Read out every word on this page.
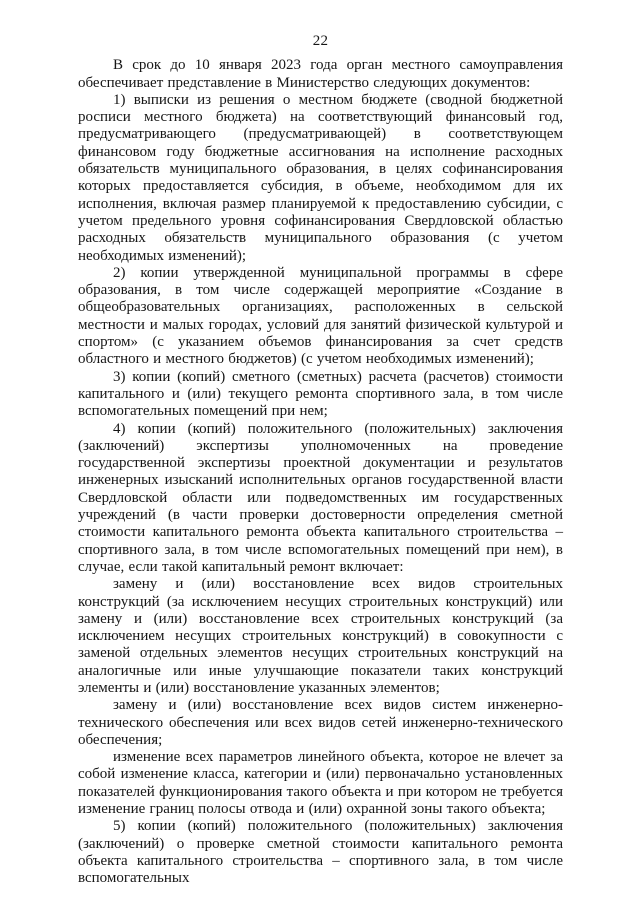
22

В срок до 10 января 2023 года орган местного самоуправления обеспечивает представление в Министерство следующих документов:

1) выписки из решения о местном бюджете (сводной бюджетной росписи местного бюджета) на соответствующий финансовый год, предусматривающего (предусматривающей) в соответствующем финансовом году бюджетные ассигнования на исполнение расходных обязательств муниципального образования, в целях софинансирования которых предоставляется субсидия, в объеме, необходимом для их исполнения, включая размер планируемой к предоставлению субсидии, с учетом предельного уровня софинансирования Свердловской областью расходных обязательств муниципального образования (с учетом необходимых изменений);

2) копии утвержденной муниципальной программы в сфере образования, в том числе содержащей мероприятие «Создание в общеобразовательных организациях, расположенных в сельской местности и малых городах, условий для занятий физической культурой и спортом» (с указанием объемов финансирования за счет средств областного и местного бюджетов) (с учетом необходимых изменений);

3) копии (копий) сметного (сметных) расчета (расчетов) стоимости капитального и (или) текущего ремонта спортивного зала, в том числе вспомогательных помещений при нем;

4) копии (копий) положительного (положительных) заключения (заключений) экспертизы уполномоченных на проведение государственной экспертизы проектной документации и результатов инженерных изысканий исполнительных органов государственной власти Свердловской области или подведомственных им государственных учреждений (в части проверки достоверности определения сметной стоимости капитального ремонта объекта капитального строительства – спортивного зала, в том числе вспомогательных помещений при нем), в случае, если такой капитальный ремонт включает:

замену и (или) восстановление всех видов строительных конструкций (за исключением несущих строительных конструкций) или замену и (или) восстановление всех строительных конструкций (за исключением несущих строительных конструкций) в совокупности с заменой отдельных элементов несущих строительных конструкций на аналогичные или иные улучшающие показатели таких конструкций элементы и (или) восстановление указанных элементов;

замену и (или) восстановление всех видов систем инженерно-технического обеспечения или всех видов сетей инженерно-технического обеспечения;

изменение всех параметров линейного объекта, которое не влечет за собой изменение класса, категории и (или) первоначально установленных показателей функционирования такого объекта и при котором не требуется изменение границ полосы отвода и (или) охранной зоны такого объекта;

5) копии (копий) положительного (положительных) заключения (заключений) о проверке сметной стоимости капитального ремонта объекта капитального строительства – спортивного зала, в том числе вспомогательных
